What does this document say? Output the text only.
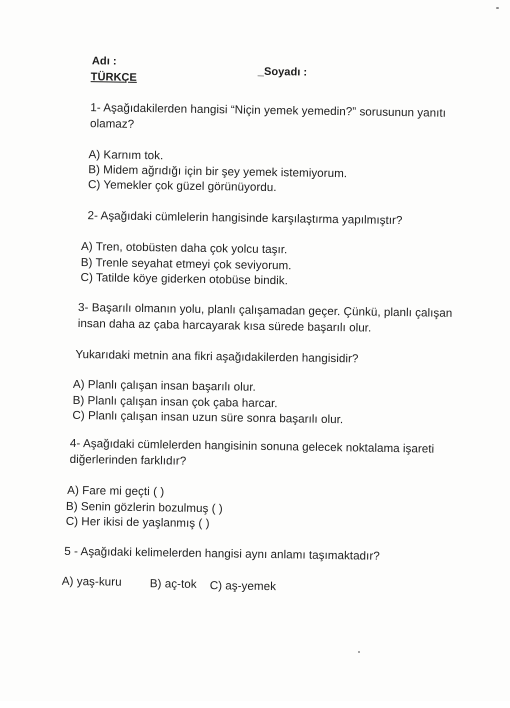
Adı :
_Soyadı :
TÜRKÇE
1- Aşağıdakilerden hangisi “Niçin yemek yemedin?” sorusunun yanıtı
olamaz?
A) Karnım tok.
B) Midem ağrıdığı için bir şey yemek istemiyorum.
C) Yemekler çok güzel görünüyordu.
2- Aşağıdaki cümlelerin hangisinde karşılaştırma yapılmıştır?
A) Tren, otobüsten daha çok yolcu taşır.
B) Trenle seyahat etmeyi çok seviyorum.
C) Tatilde köye giderken otobüse bindik.
3- Başarılı olmanın yolu, planlı çalışamadan geçer. Çünkü, planlı çalışan
insan daha az çaba harcayarak kısa sürede başarılı olur.
Yukarıdaki metnin ana fikri aşağıdakilerden hangisidir?
A) Planlı çalışan insan başarılı olur.
B) Planlı çalışan insan çok çaba harcar.
C) Planlı çalışan insan uzun süre sonra başarılı olur.
4- Aşağıdaki cümlelerden hangisinin sonuna gelecek noktalama işareti
diğerlerinden farklıdır?
A) Fare mi geçti ( )
B) Senin gözlerin bozulmuş ( )
C) Her ikisi de yaşlanmış ( )
5 - Aşağıdaki kelimelerden hangisi aynı anlamı taşımaktadır?
A) yaş-kuru B) aç-tok C) aş-yemek
